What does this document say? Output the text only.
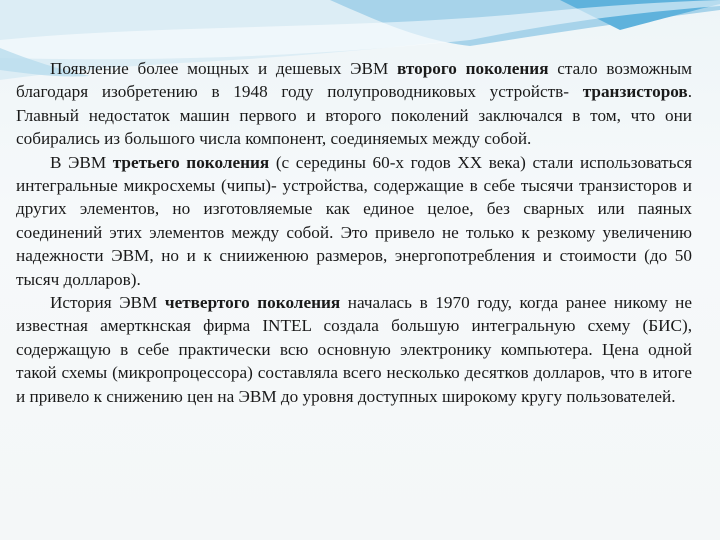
Появление более мощных и дешевых ЭВМ второго поколения стало возможным благодаря изобретению в 1948 году полупроводниковых устройств- транзисторов. Главный недостаток машин первого и второго поколений заключался в том, что они собирались из большого числа компонент, соединяемых между собой.

В ЭВМ третьего поколения (с середины 60-х годов XX века) стали использоваться интегральные микросхемы (чипы)- устройства, содержащие в себе тысячи транзисторов и других элементов, но изготовляемые как единое целое, без сварных или паяных соединений этих элементов между собой. Это привело не только к резкому увеличению надежности ЭВМ, но и к снииженюю размеров, энергопотребления и стоимости (до 50 тысяч долларов).

История ЭВМ четвертого поколения началась в 1970 году, когда ранее никому не известная амерткнская фирма INTEL создала большую интегральную схему (БИС), содержащую в себе практически всю основную электронику компьютера. Цена одной такой схемы (микропроцессора) составляла всего несколько десятков долларов, что в итоге и привело к снижению цен на ЭВМ до уровня доступных широкому кругу пользователей.
